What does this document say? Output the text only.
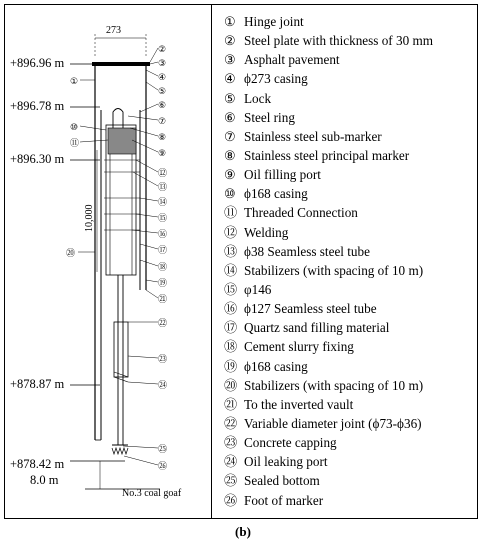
+896.96 m
+896.78 m
+896.30 m
+878.87 m
+878.42 m
8.0 m
No.3 coal goaf
273
10,000
②
③
④
⑤
⑥
⑦
⑧
⑨
⑫
⑬
⑭
⑮
⑯
⑰
⑱
⑲
㉑
㉒
㉓
㉔
㉕
㉖
①
⑩
⑪
⑳
① Hinge joint
② Steel plate with thickness of 30 mm
③ Asphalt pavement
④ ϕ273 casing
⑤ Lock
⑥ Steel ring
⑦ Stainless steel sub-marker
⑧ Stainless steel principal marker
⑨ Oil filling port
⑩ ϕ168 casing
⑪ Threaded Connection
⑫ Welding
⑬ ϕ38 Seamless steel tube
⑭ Stabilizers (with spacing of 10 m)
⑮ φ146
⑯ ϕ127 Seamless steel tube
⑰ Quartz sand filling material
⑱ Cement slurry fixing
⑲ ϕ168 casing
⑳ Stabilizers (with spacing of 10 m)
㉑ To the inverted vault
㉒ Variable diameter joint (ϕ73-ϕ36)
㉓ Concrete capping
㉔ Oil leaking port
㉕ Sealed bottom
㉖ Foot of marker
(b)
